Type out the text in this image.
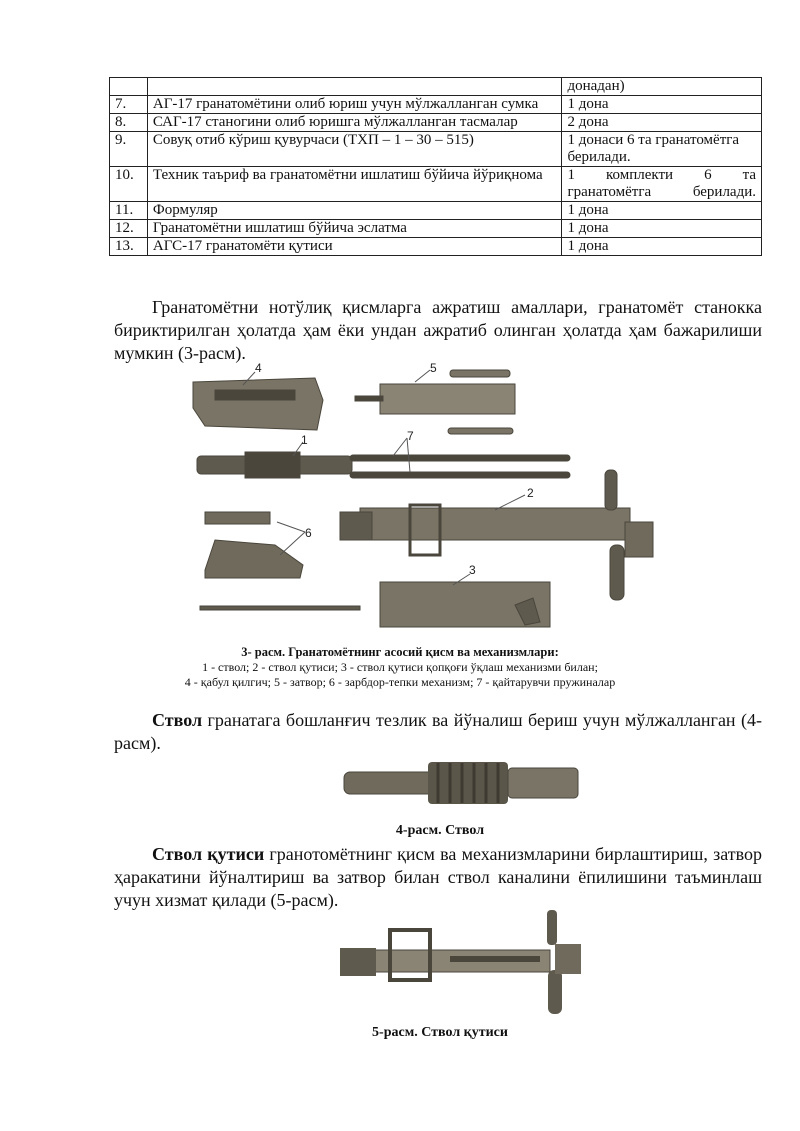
		донадан)
7.	АГ-17 гранатомётини олиб юриш учун мўлжалланган сумка	1 дона
8.	САГ-17 станогини олиб юришга мўлжалланган тасмалар	2 дона
9.	Совуқ отиб кўриш қувурчаси (ТХП – 1 – 30 – 515)	1 донаси 6 та гранатомётга берилади.
10.	Техник таъриф ва гранатомётни ишлатиш бўйича йўриқнома	1 комплекти 6 та гранатомётга берилади.
11.	Формуляр	1 дона
12.	Гранатомётни ишлатиш бўйича эслатма	1 дона
13.	АГС-17 гранатомёти қутиси	1 дона

Гранатомётни нотўлиқ қисмларга ажратиш амаллари, гранатомёт станокка бириктирилган ҳолатда ҳам ёки ундан ажратиб олинган ҳолатда ҳам бажарилиши мумкин (3-расм).

4	5
1	7
2
6
3
3- расм. Гранатомётнинг асосий қисм ва механизмлари:
1 - ствол; 2 - ствол қутиси; 3 - ствол қутиси қопқоғи ўқлаш механизми билан;
4 - қабул қилгич; 5 - затвор; 6 - зарбдор-тепки механизм; 7 - қайтарувчи пружиналар

Ствол гранатага бошланғич тезлик ва йўналиш бериш учун мўлжалланган (4-расм).

4-расм. Ствол

Ствол қутиси гранотомётнинг қисм ва механизмларини бирлаштириш, затвор ҳаракатини йўналтириш ва затвор билан ствол каналини ёпилишини таъминлаш учун хизмат қилади (5-расм).

5-расм. Ствол қутиси
